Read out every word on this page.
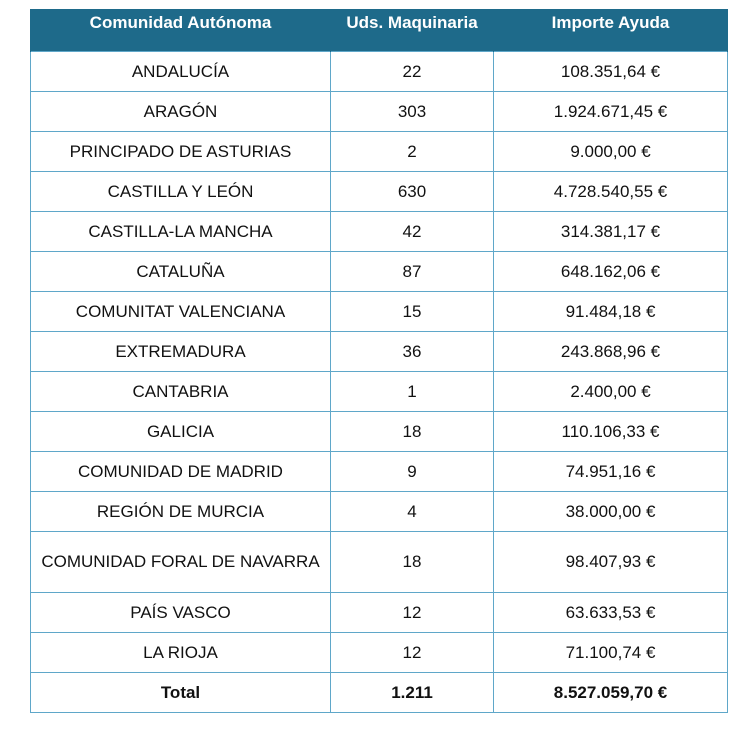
Comunidad Autónoma	Uds. Maquinaria	Importe Ayuda
ANDALUCÍA	22	108.351,64 €
ARAGÓN	303	1.924.671,45 €
PRINCIPADO DE ASTURIAS	2	9.000,00 €
CASTILLA Y LEÓN	630	4.728.540,55 €
CASTILLA-LA MANCHA	42	314.381,17 €
CATALUÑA	87	648.162,06 €
COMUNITAT VALENCIANA	15	91.484,18 €
EXTREMADURA	36	243.868,96 €
CANTABRIA	1	2.400,00 €
GALICIA	18	110.106,33 €
COMUNIDAD DE MADRID	9	74.951,16 €
REGIÓN DE MURCIA	4	38.000,00 €
COMUNIDAD FORAL DE NAVARRA	18	98.407,93 €
PAÍS VASCO	12	63.633,53 €
LA RIOJA	12	71.100,74 €
Total	1.211	8.527.059,70 €
